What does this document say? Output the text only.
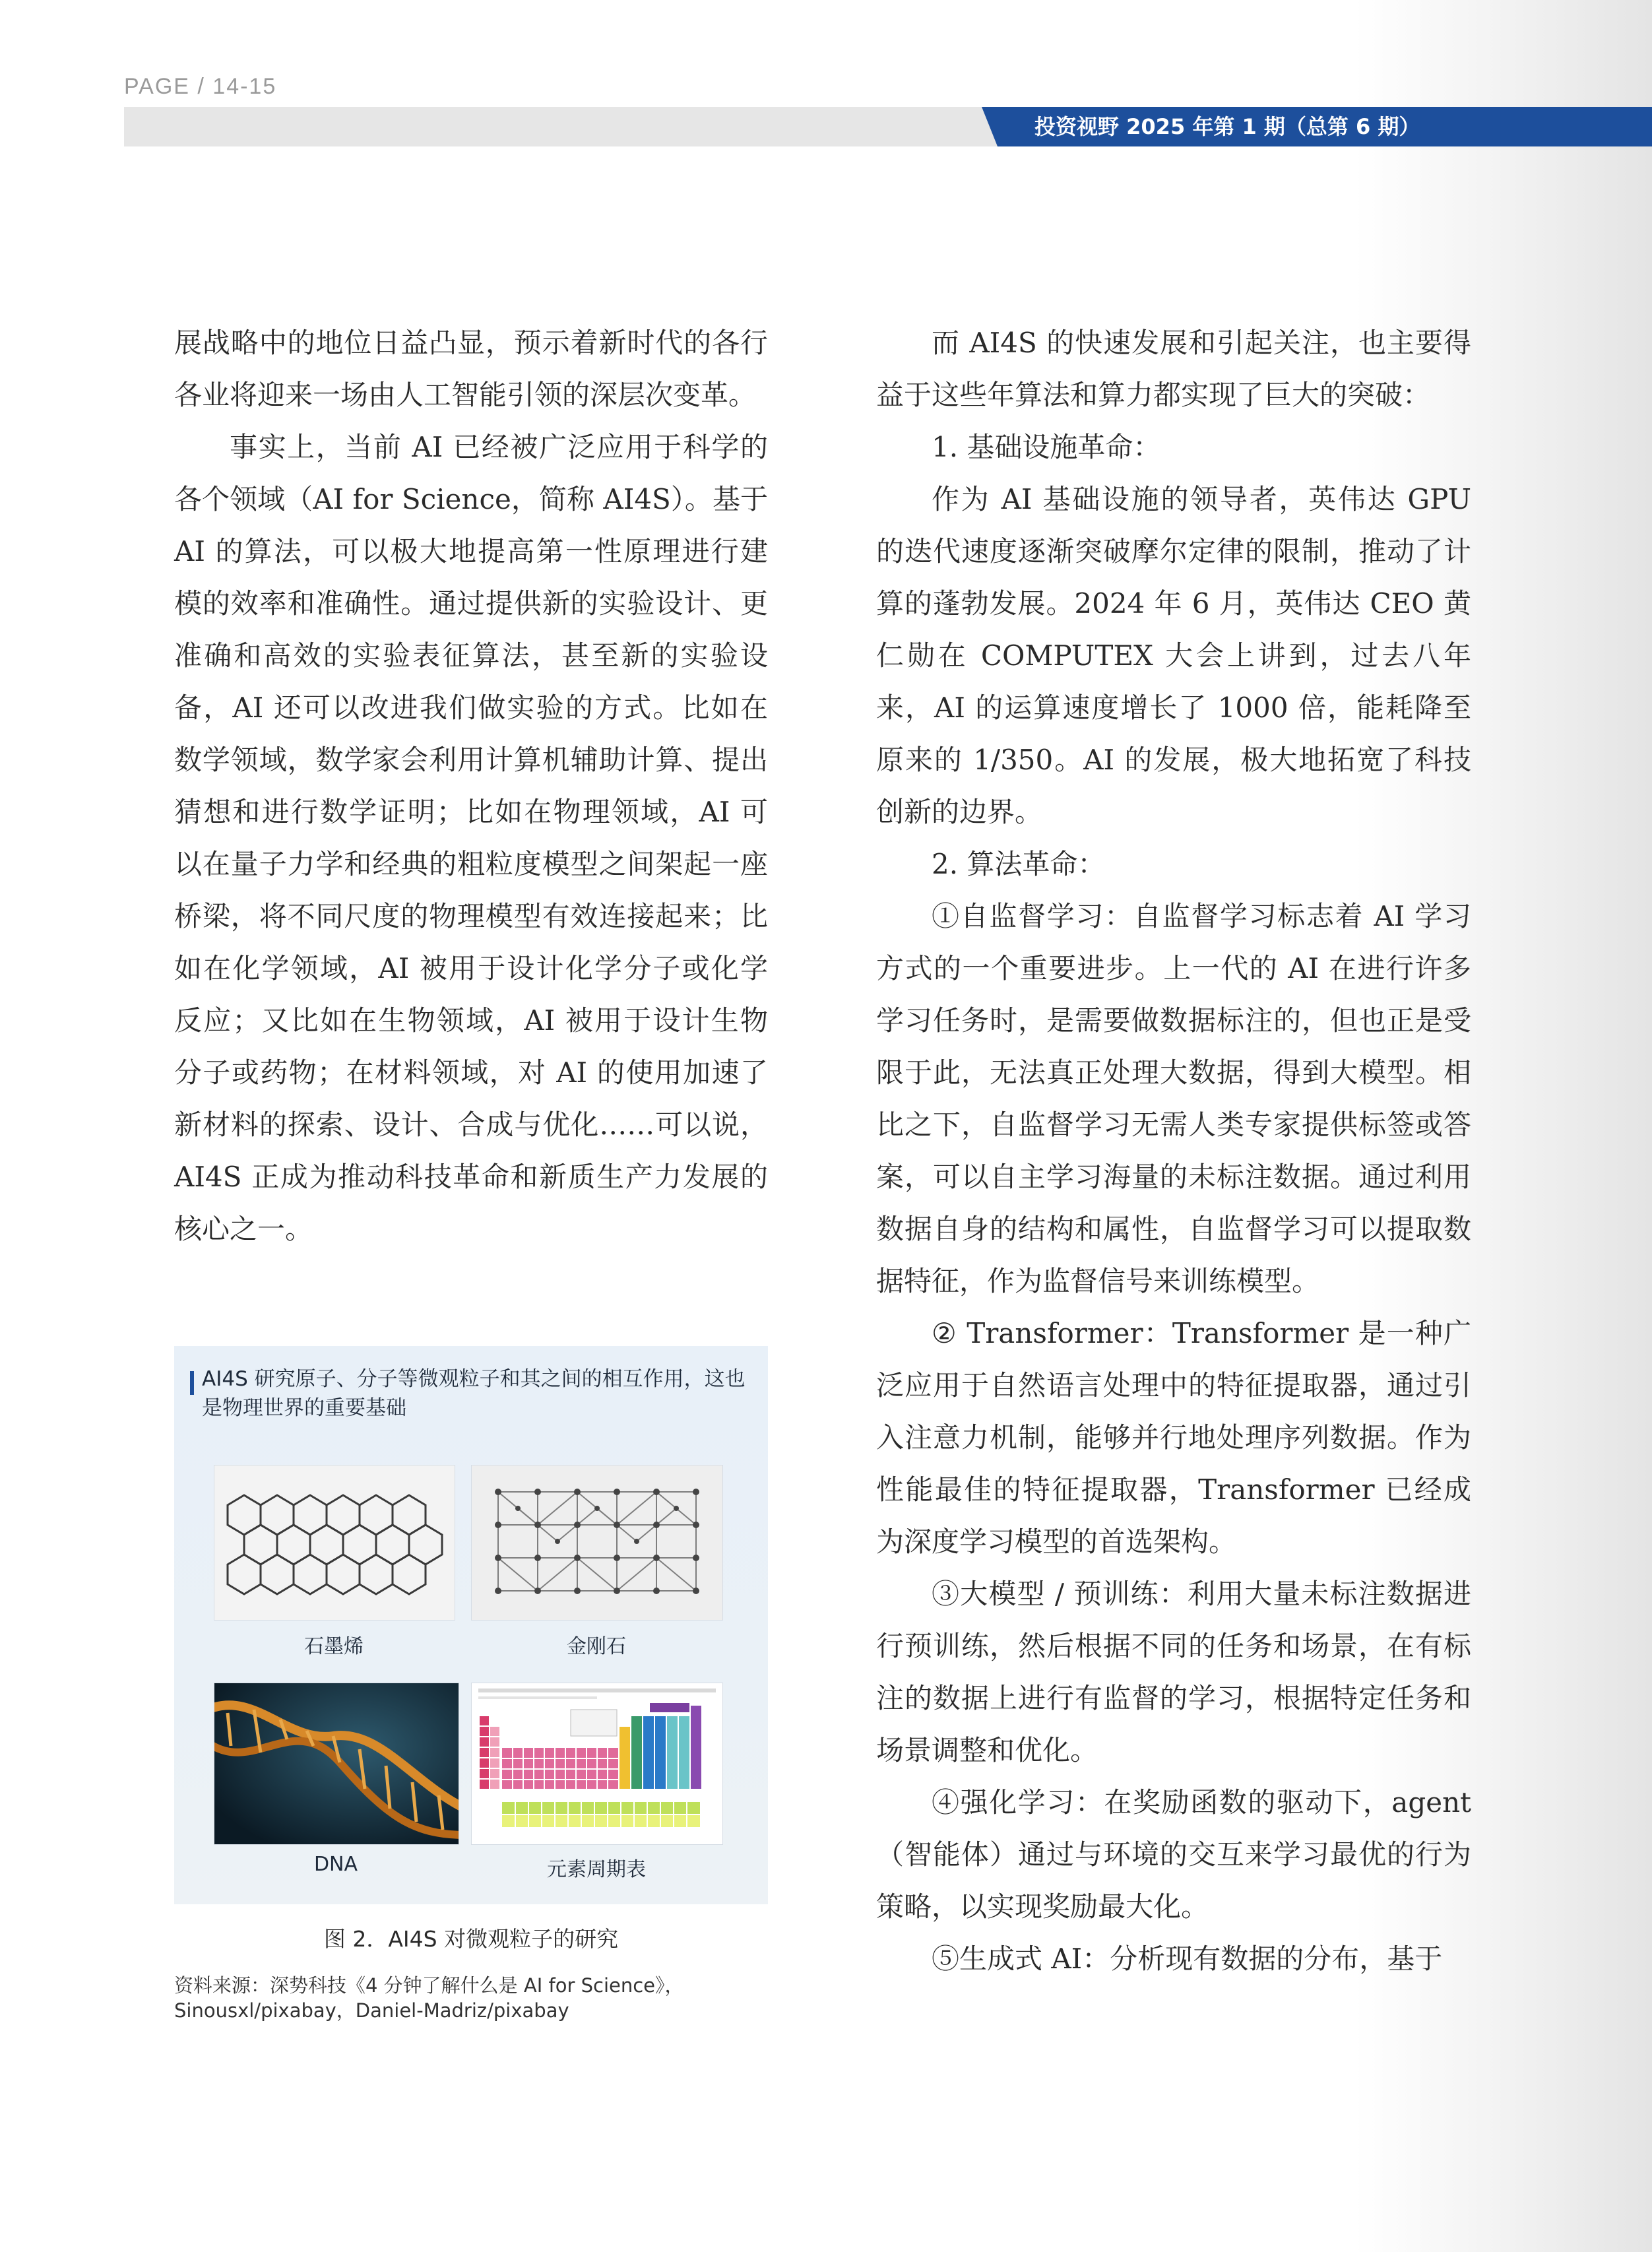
PAGE / 14-15
投资视野 2025 年第 1 期（总第 6 期）

展战略中的地位日益凸显，预示着新时代的各行各业将迎来一场由人工智能引领的深层次变革。

事实上，当前 AI 已经被广泛应用于科学的各个领域（AI for Science，简称 AI4S）。基于 AI 的算法，可以极大地提高第一性原理进行建模的效率和准确性。通过提供新的实验设计、更准确和高效的实验表征算法，甚至新的实验设备，AI 还可以改进我们做实验的方式。比如在数学领域，数学家会利用计算机辅助计算、提出猜想和进行数学证明；比如在物理领域，AI 可以在量子力学和经典的粗粒度模型之间架起一座桥梁，将不同尺度的物理模型有效连接起来；比如在化学领域，AI 被用于设计化学分子或化学反应；又比如在生物领域，AI 被用于设计生物分子或药物；在材料领域，对 AI 的使用加速了新材料的探索、设计、合成与优化……可以说，AI4S 正成为推动科技革命和新质生产力发展的核心之一。

AI4S 研究原子、分子等微观粒子和其之间的相互作用，这也是物理世界的重要基础
石墨烯	金刚石
DNA	元素周期表
图 2．AI4S 对微观粒子的研究
资料来源：深势科技《4 分钟了解什么是 AI for Science》，Sinousxl/pixabay，Daniel-Madriz/pixabay

而 AI4S 的快速发展和引起关注，也主要得益于这些年算法和算力都实现了巨大的突破：

1. 基础设施革命：

作为 AI 基础设施的领导者，英伟达 GPU 的迭代速度逐渐突破摩尔定律的限制，推动了计算的蓬勃发展。2024 年 6 月，英伟达 CEO 黄仁勋在 COMPUTEX 大会上讲到，过去八年来，AI 的运算速度增长了 1000 倍，能耗降至原来的 1/350。AI 的发展，极大地拓宽了科技创新的边界。

2. 算法革命：

①自监督学习：自监督学习标志着 AI 学习方式的一个重要进步。上一代的 AI 在进行许多学习任务时，是需要做数据标注的，但也正是受限于此，无法真正处理大数据，得到大模型。相比之下，自监督学习无需人类专家提供标签或答案，可以自主学习海量的未标注数据。通过利用数据自身的结构和属性，自监督学习可以提取数据特征，作为监督信号来训练模型。

② Transformer：Transformer 是一种广泛应用于自然语言处理中的特征提取器，通过引入注意力机制，能够并行地处理序列数据。作为性能最佳的特征提取器，Transformer 已经成为深度学习模型的首选架构。

③大模型 / 预训练：利用大量未标注数据进行预训练，然后根据不同的任务和场景，在有标注的数据上进行有监督的学习，根据特定任务和场景调整和优化。

④强化学习：在奖励函数的驱动下，agent（智能体）通过与环境的交互来学习最优的行为策略，以实现奖励最大化。

⑤生成式 AI：分析现有数据的分布，基于
